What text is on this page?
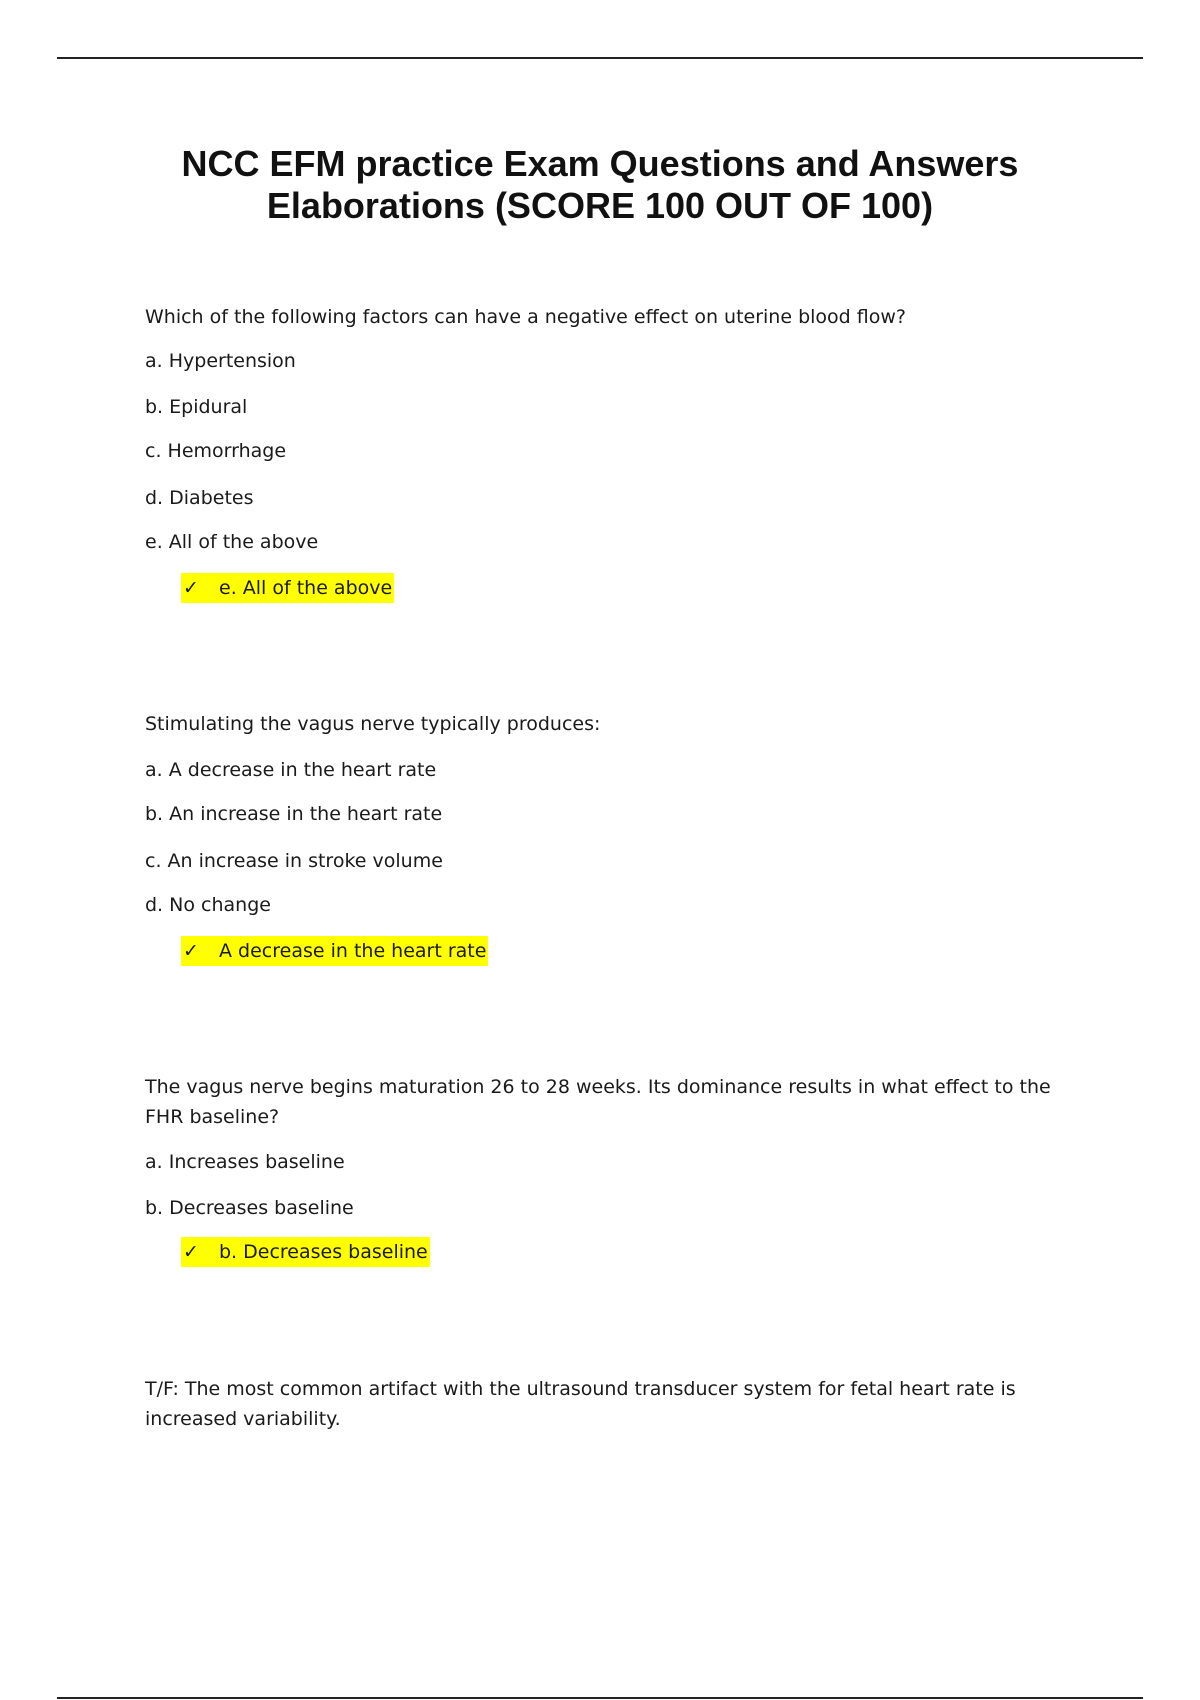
NCC EFM practice Exam Questions and Answers
Elaborations (SCORE 100 OUT OF 100)
Which of the following factors can have a negative effect on uterine blood flow?
a. Hypertension
b. Epidural
c. Hemorrhage
d. Diabetes
e. All of the above
✓ e. All of the above
Stimulating the vagus nerve typically produces:
a. A decrease in the heart rate
b. An increase in the heart rate
c. An increase in stroke volume
d. No change
✓ A decrease in the heart rate
The vagus nerve begins maturation 26 to 28 weeks. Its dominance results in what effect to the FHR baseline?
a. Increases baseline
b. Decreases baseline
✓ b. Decreases baseline
T/F: The most common artifact with the ultrasound transducer system for fetal heart rate is increased variability.
